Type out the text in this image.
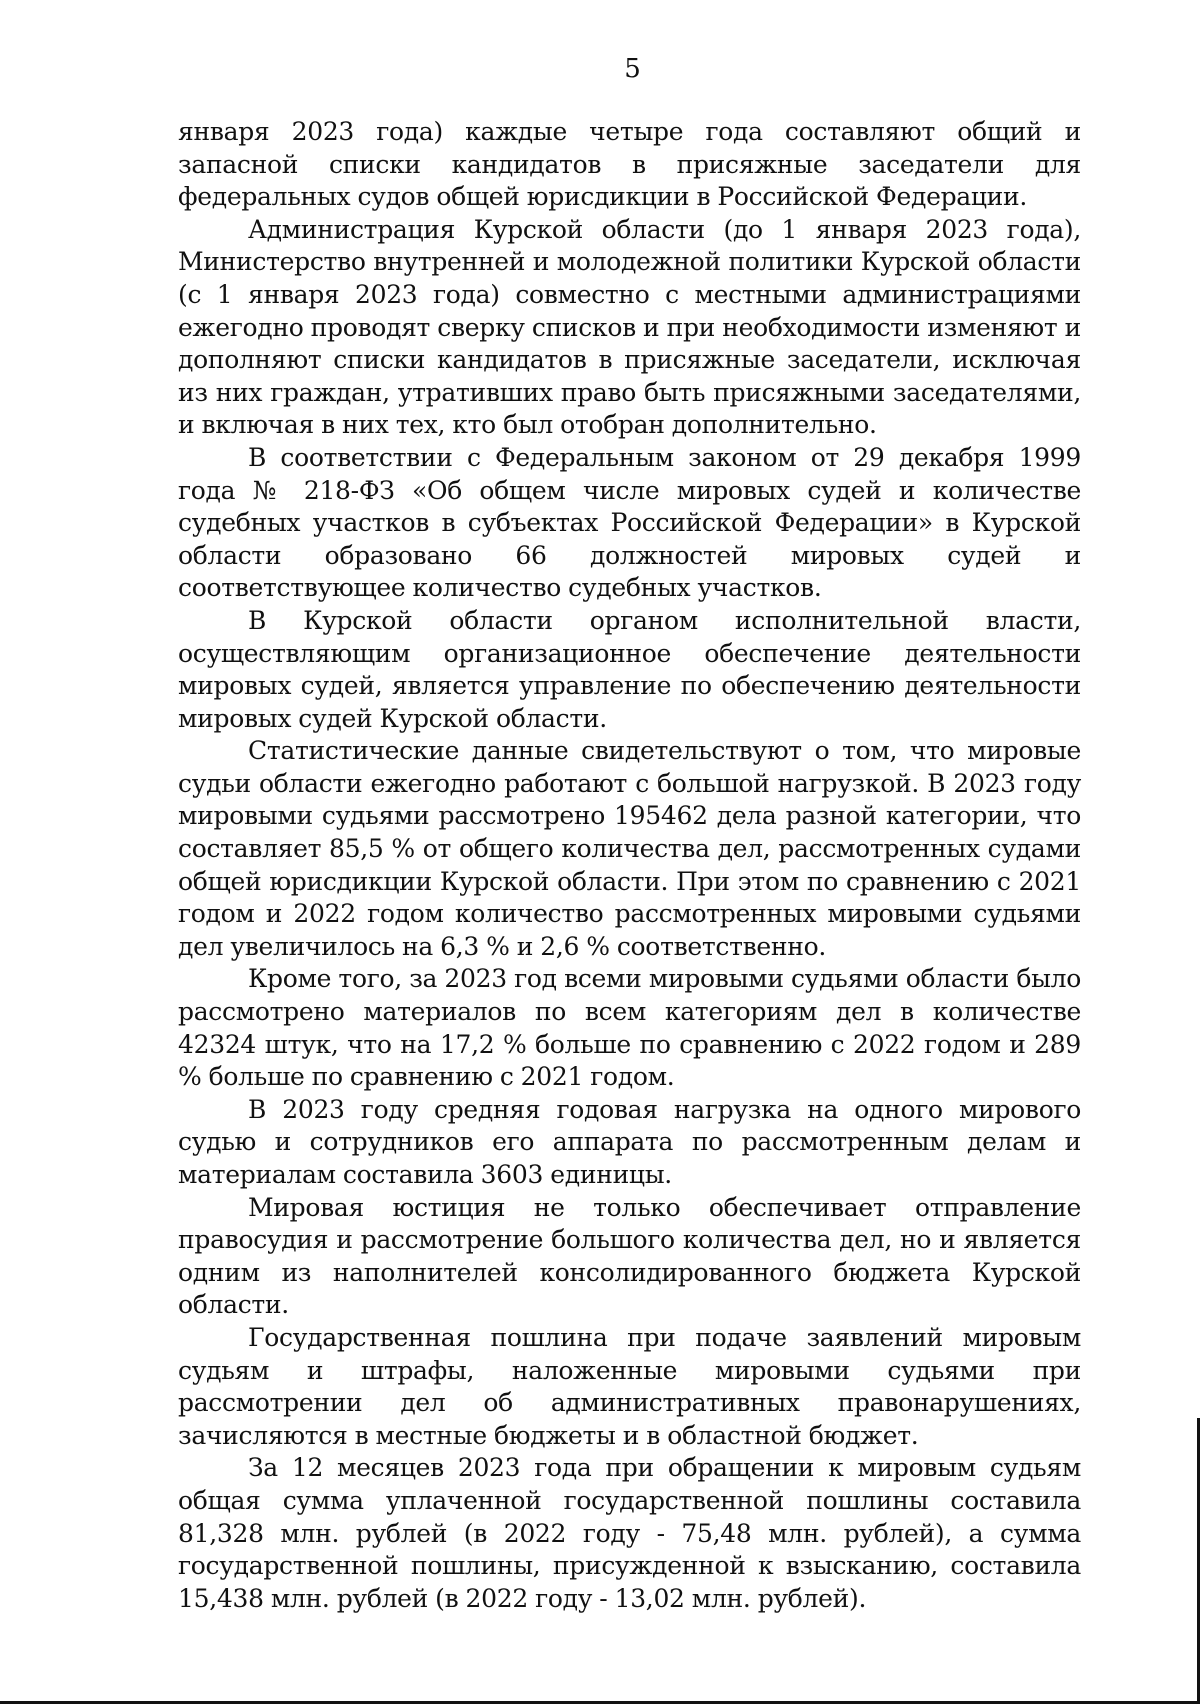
5

января 2023 года) каждые четыре года составляют общий и запасной списки кандидатов в присяжные заседатели для федеральных судов общей юрисдикции в Российской Федерации.

Администрация Курской области (до 1 января 2023 года), Министерство внутренней и молодежной политики Курской области (с 1 января 2023 года) совместно с местными администрациями ежегодно проводят сверку списков и при необходимости изменяют и дополняют списки кандидатов в присяжные заседатели, исключая из них граждан, утративших право быть присяжными заседателями, и включая в них тех, кто был отобран дополнительно.

В соответствии с Федеральным законом от 29 декабря 1999 года № 218-ФЗ «Об общем числе мировых судей и количестве судебных участков в субъектах Российской Федерации» в Курской области образовано 66 должностей мировых судей и соответствующее количество судебных участков.

В Курской области органом исполнительной власти, осуществляющим организационное обеспечение деятельности мировых судей, является управление по обеспечению деятельности мировых судей Курской области.

Статистические данные свидетельствуют о том, что мировые судьи области ежегодно работают с большой нагрузкой. В 2023 году мировыми судьями рассмотрено 195462 дела разной категории, что составляет 85,5 % от общего количества дел, рассмотренных судами общей юрисдикции Курской области. При этом по сравнению с 2021 годом и 2022 годом количество рассмотренных мировыми судьями дел увеличилось на 6,3 % и 2,6 % соответственно.

Кроме того, за 2023 год всеми мировыми судьями области было рассмотрено материалов по всем категориям дел в количестве 42324 штук, что на 17,2 % больше по сравнению с 2022 годом и 289 % больше по сравнению с 2021 годом.

В 2023 году средняя годовая нагрузка на одного мирового судью и сотрудников его аппарата по рассмотренным делам и материалам составила 3603 единицы.

Мировая юстиция не только обеспечивает отправление правосудия и рассмотрение большого количества дел, но и является одним из наполнителей консолидированного бюджета Курской области.

Государственная пошлина при подаче заявлений мировым судьям и штрафы, наложенные мировыми судьями при рассмотрении дел об административных правонарушениях, зачисляются в местные бюджеты и в областной бюджет.

За 12 месяцев 2023 года при обращении к мировым судьям общая сумма уплаченной государственной пошлины составила 81,328 млн. рублей (в 2022 году - 75,48 млн. рублей), а сумма государственной пошлины, присужденной к взысканию, составила 15,438 млн. рублей (в 2022 году - 13,02 млн. рублей).
